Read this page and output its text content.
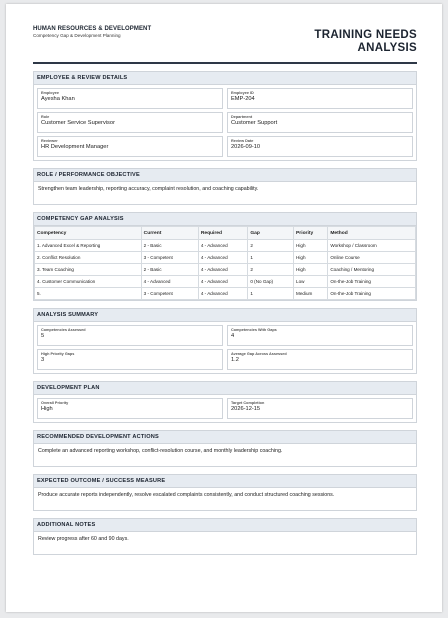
HUMAN RESOURCES & DEVELOPMENT
Competency Gap & Development Planning	TRAINING NEEDS
ANALYSIS
EMPLOYEE & REVIEW DETAILS
Employee
Ayesha Khan
Employee ID
EMP-204
Role
Customer Service Supervisor
Department
Customer Support
Reviewer
HR Development Manager
Review Date
2026-09-10
ROLE / PERFORMANCE OBJECTIVE
Strengthen team leadership, reporting accuracy, complaint resolution, and coaching capability.
COMPETENCY GAP ANALYSIS
Competency	Current	Required	Gap	Priority	Method
1. Advanced Excel & Reporting	2 - Basic	4 - Advanced	2	High	Workshop / Classroom
2. Conflict Resolution	3 - Competent	4 - Advanced	1	High	Online Course
3. Team Coaching	2 - Basic	4 - Advanced	2	High	Coaching / Mentoring
4. Customer Communication	4 - Advanced	4 - Advanced	0 (No Gap)	Low	On-the-Job Training
5.	3 - Competent	4 - Advanced	1	Medium	On-the-Job Training
ANALYSIS SUMMARY
Competencies Assessed
5
Competencies With Gaps
4
High Priority Gaps
3
Average Gap Across Assessed
1.2
DEVELOPMENT PLAN
Overall Priority
High
Target Completion
2026-12-15
RECOMMENDED DEVELOPMENT ACTIONS
Complete an advanced reporting workshop, conflict-resolution course, and monthly leadership coaching.
EXPECTED OUTCOME / SUCCESS MEASURE
Produce accurate reports independently, resolve escalated complaints consistently, and conduct structured coaching sessions.
ADDITIONAL NOTES
Review progress after 60 and 90 days.
